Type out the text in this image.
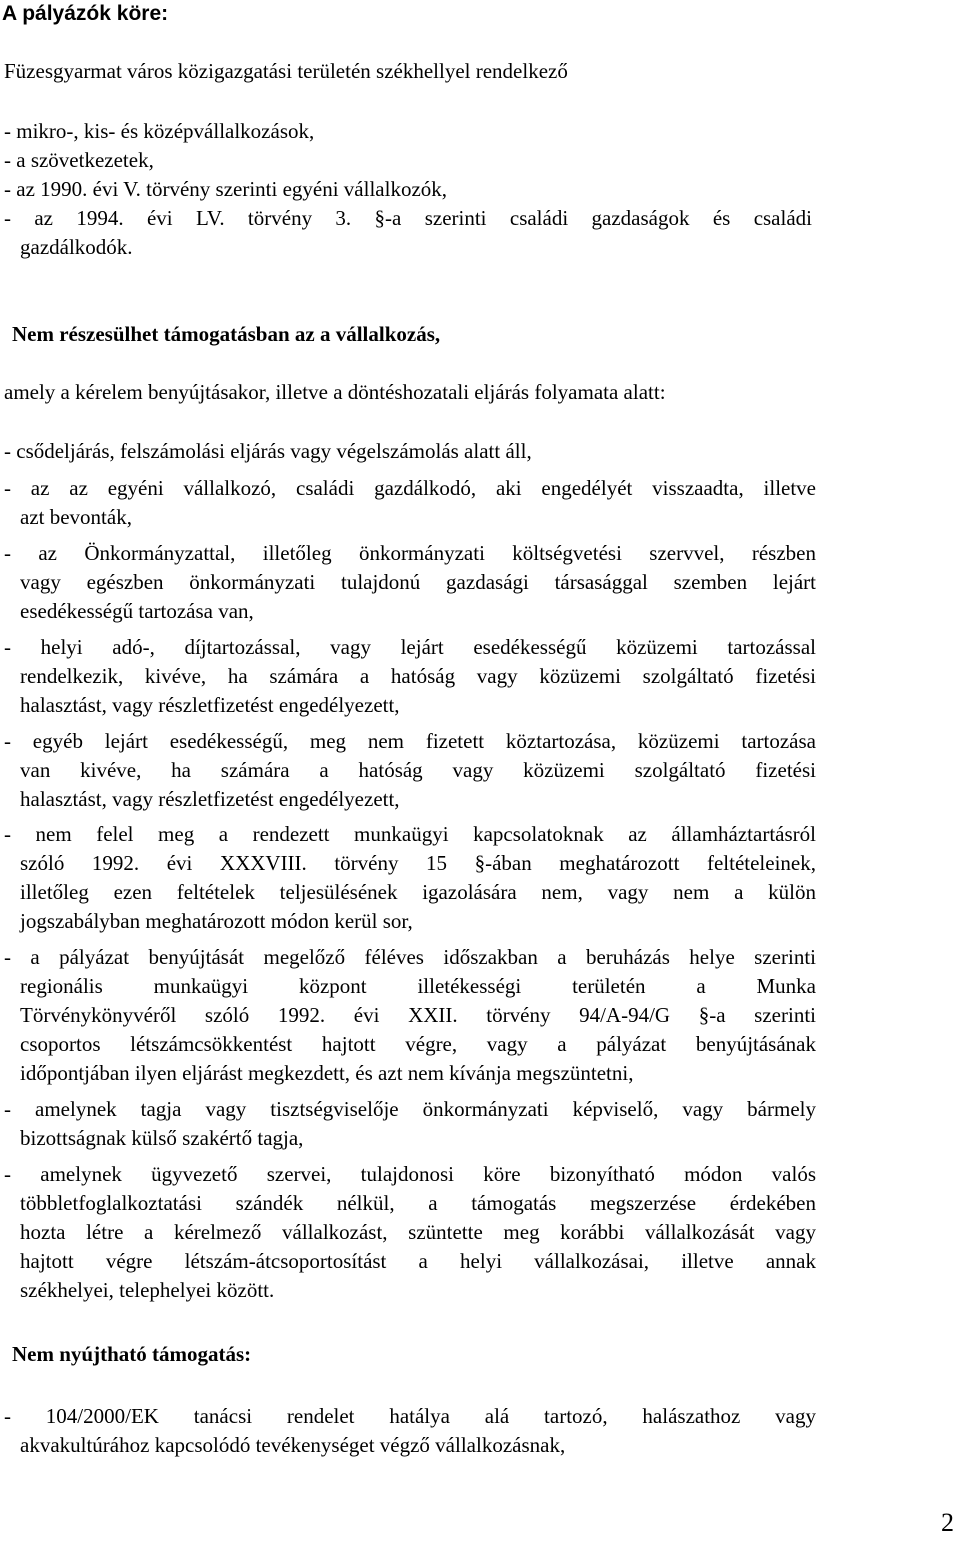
A pályázók köre:
Füzesgyarmat város közigazgatási területén székhellyel rendelkező
- mikro-, kis- és középvállalkozások,
- a szövetkezetek,
- az 1990. évi V. törvény szerinti egyéni vállalkozók,
- az 1994. évi LV. törvény 3. §-a szerinti családi gazdaságok és családi
gazdálkodók.
Nem részesülhet támogatásban az a vállalkozás,
amely a kérelem benyújtásakor, illetve a döntéshozatali eljárás folyamata alatt:
- csődeljárás, felszámolási eljárás vagy végelszámolás alatt áll,
- az az egyéni vállalkozó, családi gazdálkodó, aki engedélyét visszaadta, illetve
azt bevonták,
- az Önkormányzattal, illetőleg önkormányzati költségvetési szervvel, részben
vagy egészben önkormányzati tulajdonú gazdasági társasággal szemben lejárt
esedékességű tartozása van,
- helyi adó-, díjtartozással, vagy lejárt esedékességű közüzemi tartozással
rendelkezik, kivéve, ha számára a hatóság vagy közüzemi szolgáltató fizetési
halasztást, vagy részletfizetést engedélyezett,
- egyéb lejárt esedékességű, meg nem fizetett köztartozása, közüzemi tartozása
van kivéve, ha számára a hatóság vagy közüzemi szolgáltató fizetési
halasztást, vagy részletfizetést engedélyezett,
- nem felel meg a rendezett munkaügyi kapcsolatoknak az államháztartásról
szóló 1992. évi XXXVIII. törvény 15 §-ában meghatározott feltételeinek,
illetőleg ezen feltételek teljesülésének igazolására nem, vagy nem a külön
jogszabályban meghatározott módon kerül sor,
- a pályázat benyújtását megelőző féléves időszakban a beruházás helye szerinti
regionális munkaügyi központ illetékességi területén a Munka
Törvénykönyvéről szóló 1992. évi XXII. törvény 94/A-94/G §-a szerinti
csoportos létszámcsökkentést hajtott végre, vagy a pályázat benyújtásának
időpontjában ilyen eljárást megkezdett, és azt nem kívánja megszüntetni,
- amelynek tagja vagy tisztségviselője önkormányzati képviselő, vagy bármely
bizottságnak külső szakértő tagja,
- amelynek ügyvezető szervei, tulajdonosi köre bizonyítható módon valós
többletfoglalkoztatási szándék nélkül, a támogatás megszerzése érdekében
hozta létre a kérelmező vállalkozást, szüntette meg korábbi vállalkozását vagy
hajtott végre létszám-átcsoportosítást a helyi vállalkozásai, illetve annak
székhelyei, telephelyei között.
Nem nyújtható támogatás:
- 104/2000/EK tanácsi rendelet hatálya alá tartozó, halászathoz vagy
akvakultúrához kapcsolódó tevékenységet végző vállalkozásnak,
2
